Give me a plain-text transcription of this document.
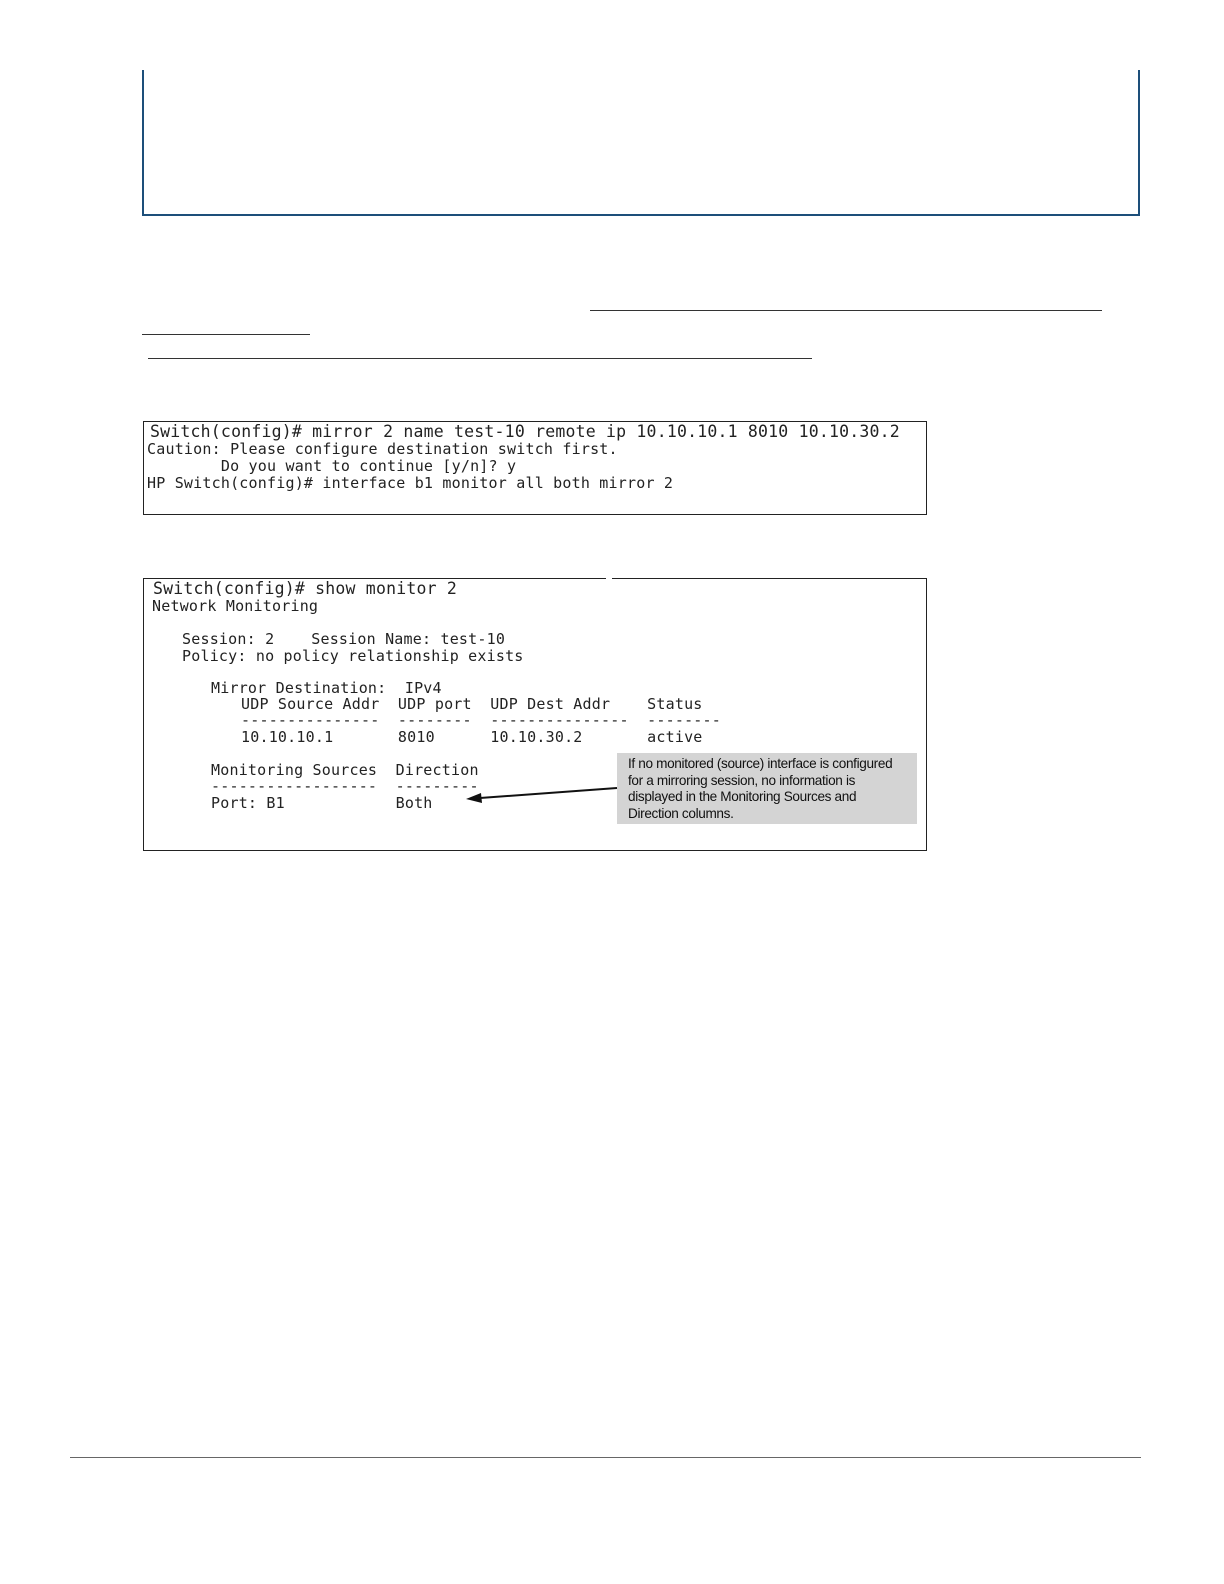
Switch(config)# mirror 2 name test-10 remote ip 10.10.10.1 8010 10.10.30.2

Caution: Please configure destination switch first.

Do you want to continue [y/n]? y

HP Switch(config)# interface b1 monitor all both mirror 2

Switch(config)# show monitor 2

Network Monitoring

Session: 2    Session Name: test-10

Policy: no policy relationship exists

Mirror Destination:  IPv4

UDP Source Addr  UDP port  UDP Dest Addr    Status

---------------  --------  ---------------  --------

10.10.10.1       8010      10.10.30.2       active

Monitoring Sources  Direction

------------------  ---------

Port: B1            Both

If no monitored (source) interface is configured
for a mirroring session, no information is
displayed in the Monitoring Sources and
Direction columns.
